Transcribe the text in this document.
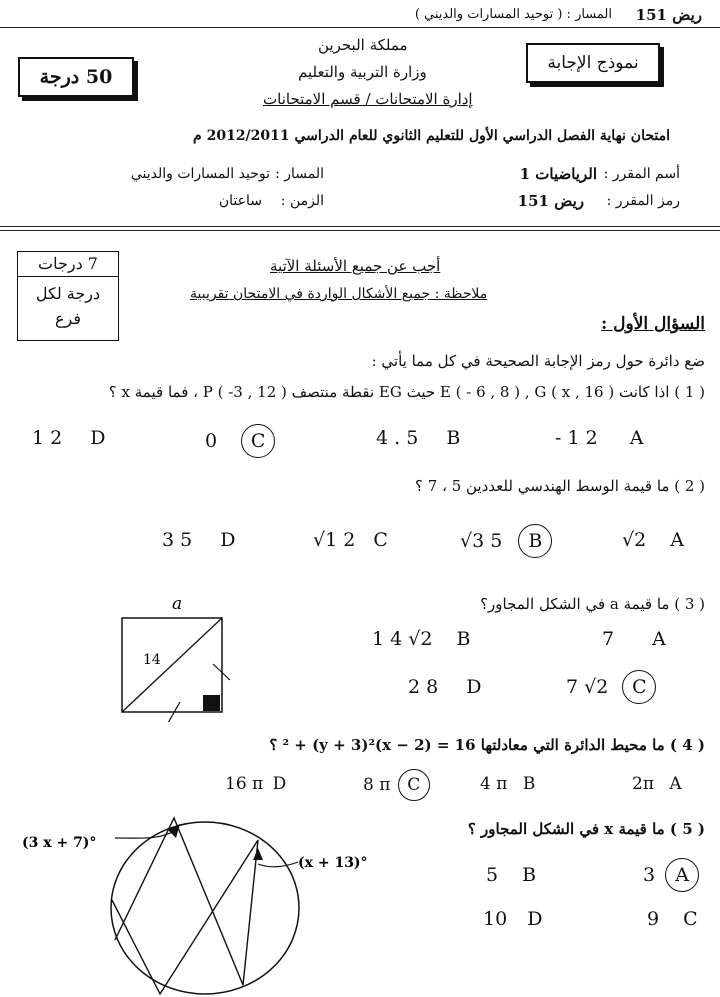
ريض 151
المسار : ( توحيد المسارات والديني )
مملكة البحرين
وزارة التربية والتعليم
إدارة الامتحانات / قسم الامتحانات
50 درجة
نموذج الإجابة
امتحان نهاية الفصل الدراسي الأول للتعليم الثانوي للعام الدراسي 2012/2011 م
أسم المقرر :
الرياضيات 1
المسار :
توحيد المسارات والديني
رمز المقرر :
ريض 151
الزمن :
ساعتان
7 درجات
درجة لكل
فرع
أجب عن جميع الأسئلة الآتية
ملاحظة : جميع الأشكال الواردة في الامتحان تقريبية
السؤال الأول :
ضع دائرة حول رمز الإجابة الصحيحة في كل مما يأتي :
( 1 ) اذا كانت P ( -3 , 12 ) نقطة منتصف EG حيث E ( - 6 , 8 ) , G ( x , 16 ) ، فما قيمة x ؟
1 2 D	0 C	4 . 5 B	- 1 2 A
( 2 ) ما قيمة الوسط الهندسي للعددين 5 ، 7 ؟
3 5 D	√1 2 C	√3 5 B	√2 A
( 3 ) ما قيمة a في الشكل المجاور؟
a
14
1 4 √2 B	7 A
2 8 D	7 √2 C
( 4 ) ما محيط الدائرة التي معادلتها 16 = (x − 2)² + (y + 3)² ؟
16 π D	8 π C	4 π B	2π A
( 5 ) ما قيمة x في الشكل المجاور ؟
(3 x + 7)°
(x + 13)°
5 B	3 A
10 D	9 C
